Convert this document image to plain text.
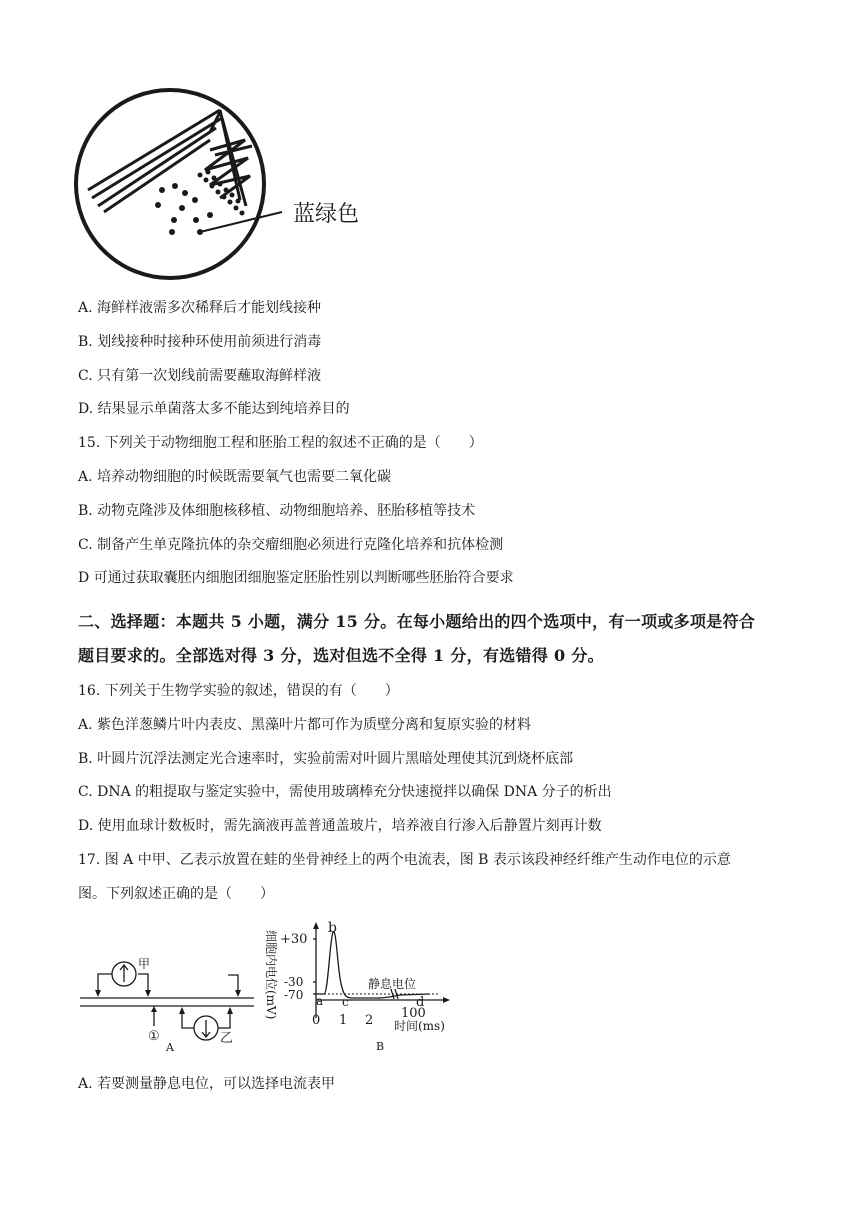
蓝绿色
A. 海鲜样液需多次稀释后才能划线接种
B. 划线接种时接种环使用前须进行消毒
C. 只有第一次划线前需要蘸取海鲜样液
D. 结果显示单菌落太多不能达到纯培养目的
15. 下列关于动物细胞工程和胚胎工程的叙述不正确的是（　　）
A. 培养动物细胞的时候既需要氧气也需要二氧化碳
B. 动物克隆涉及体细胞核移植、动物细胞培养、胚胎移植等技术
C. 制备产生单克隆抗体的杂交瘤细胞必须进行克隆化培养和抗体检测
D 可通过获取囊胚内细胞团细胞鉴定胚胎性别以判断哪些胚胎符合要求
二、选择题：本题共 5 小题，满分 15 分。在每小题给出的四个选项中，有一项或多项是符合
题目要求的。全部选对得 3 分，选对但选不全得 1 分，有选错得 0 分。
16. 下列关于生物学实验的叙述，错误的有（　　）
A. 紫色洋葱鳞片叶内表皮、黑藻叶片都可作为质壁分离和复原实验的材料
B. 叶圆片沉浮法测定光合速率时，实验前需对叶圆片黑暗处理使其沉到烧杯底部
C. DNA 的粗提取与鉴定实验中，需使用玻璃棒充分快速搅拌以确保 DNA 分子的析出
D. 使用血球计数板时，需先滴液再盖普通盖玻片，培养液自行渗入后静置片刻再计数
17. 图 A 中甲、乙表示放置在蛙的坐骨神经上的两个电流表，图 B 表示该段神经纤维产生动作电位的示意
图。下列叙述正确的是（　　）
甲
乙
①
A
细胞内电位(mV) +30
-30
-70 a
b
c	d
静息电位
0 1 2 100
时间(ms)
B
A. 若要测量静息电位，可以选择电流表甲
